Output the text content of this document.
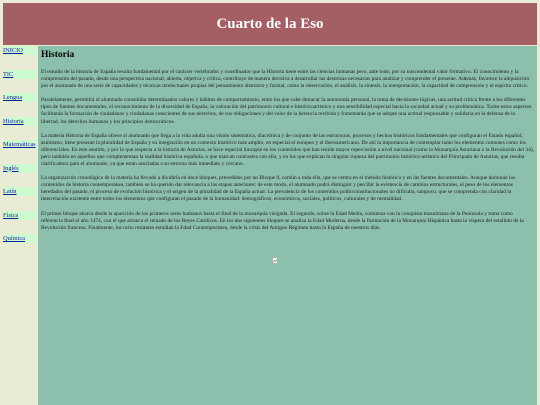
Cuarto de la Eso
INICIO
TIC
Lengua
Historia
Matemáticas
Inglés
Latín
Física
Química
Historia

El estudio de la historia de España resulta fundamental por el carácter vertebrador y coordinador que la Historia tiene entre las ciencias humanas pero, ante todo, por su trascendental valor formativo. El conocimiento y la comprensión del pasado, desde una perspectiva nacional, abierta, objetiva y crítica, contribuye de manera decisiva a desarrollar las destrezas necesarias para analizar y comprender el presente. Además, favorece la adquisición por el alumnado de una serie de capacidades y técnicas intelectuales propias del pensamiento abstracto y formal, como la observación, el análisis, la síntesis, la interpretación, la capacidad de comprensión y el espíritu crítico.

Paralelamente, permitirá al alumnado consolidar determinados valores y hábitos de comportamiento, entre los que cabe destacar la autonomía personal, la toma de decisiones lógicas, una actitud crítica frente a los diferentes tipos de fuentes documentales, el reconocimiento de la diversidad de España, la valoración del patrimonio cultural e históricoartístico y una sensibilidad especial hacia la sociedad actual y su problemática. Todos estos aspectos facilitarán la formación de ciudadanos y ciudadanas conscientes de sus derechos, de sus obligaciones y del valor de la herencia recibida y fomentarán que se adopte una actitud responsable y solidaria en la defensa de la libertad, los derechos humanos y los principios democráticos.

La materia Historia de España ofrece al alumnado que llega a la vida adulta una visión sistemática, diacrónica y de conjunto de las estructuras, procesos y hechos históricos fundamentales que configuran el Estado español; asimismo, tiene presente la pluralidad de España y su integración en un contexto histórico más amplio, en especial el europeo y el iberoamericano. De ahí la importancia de contemplar tanto los elementos comunes como los diferenciales. En este sentido, y por lo que respecta a la historia de Asturias, se hace especial hincapié en los contenidos que han tenido mayor repercusión a nivel nacional (como la Monarquía Asturiana o la Revolución del 34), pero también en aquellos que complementan la realidad histórica española, o que marcan contrastes con ella, y en los que explican la singular riqueza del patrimonio histórico-artístico del Principado de Asturias, que resulta clarificadora para el alumnado, ya que están asociadas a su entorno más inmediato y cercano.

La organización cronológica de la materia ha llevado a dividirla en doce bloques, precedidos por un Bloque 0, común a toda ella, que se centra en el método histórico y en las fuentes documentales. Aunque dominan los contenidos de historia contemporánea, también se ha querido dar relevancia a las etapas anteriores: de este modo, el alumnado podrá distinguir y percibir la existencia de cambios estructurales, el peso de los elementos heredados del pasado, el proceso de evolución histórica y el origen de la pluralidad de la España actual. La prevalencia de los contenidos políticoinstitucionales no dificulta, tampoco, que se comprenda con claridad la interrelación existente entre todos los elementos que configuran el pasado de la humanidad: demográficos, económicos, sociales, políticos, culturales y de mentalidad.

El primer bloque abarca desde la aparición de los primeros seres humanos hasta el final de la monarquía visigoda. El segundo, sobre la Edad Media, comienza con la conquista musulmana de la Península y toma como referencia final el año 1474, con el que arranca el reinado de los Reyes Católicos. En los dos siguientes bloques se analiza la Edad Moderna, desde la formación de la Monarquía Hispánica hasta la víspera del estallido de la Revolución francesa. Finalmente, los ocho restantes estudian la Edad Contemporánea, desde la crisis del Antiguo Régimen hasta la España de nuestros días.
